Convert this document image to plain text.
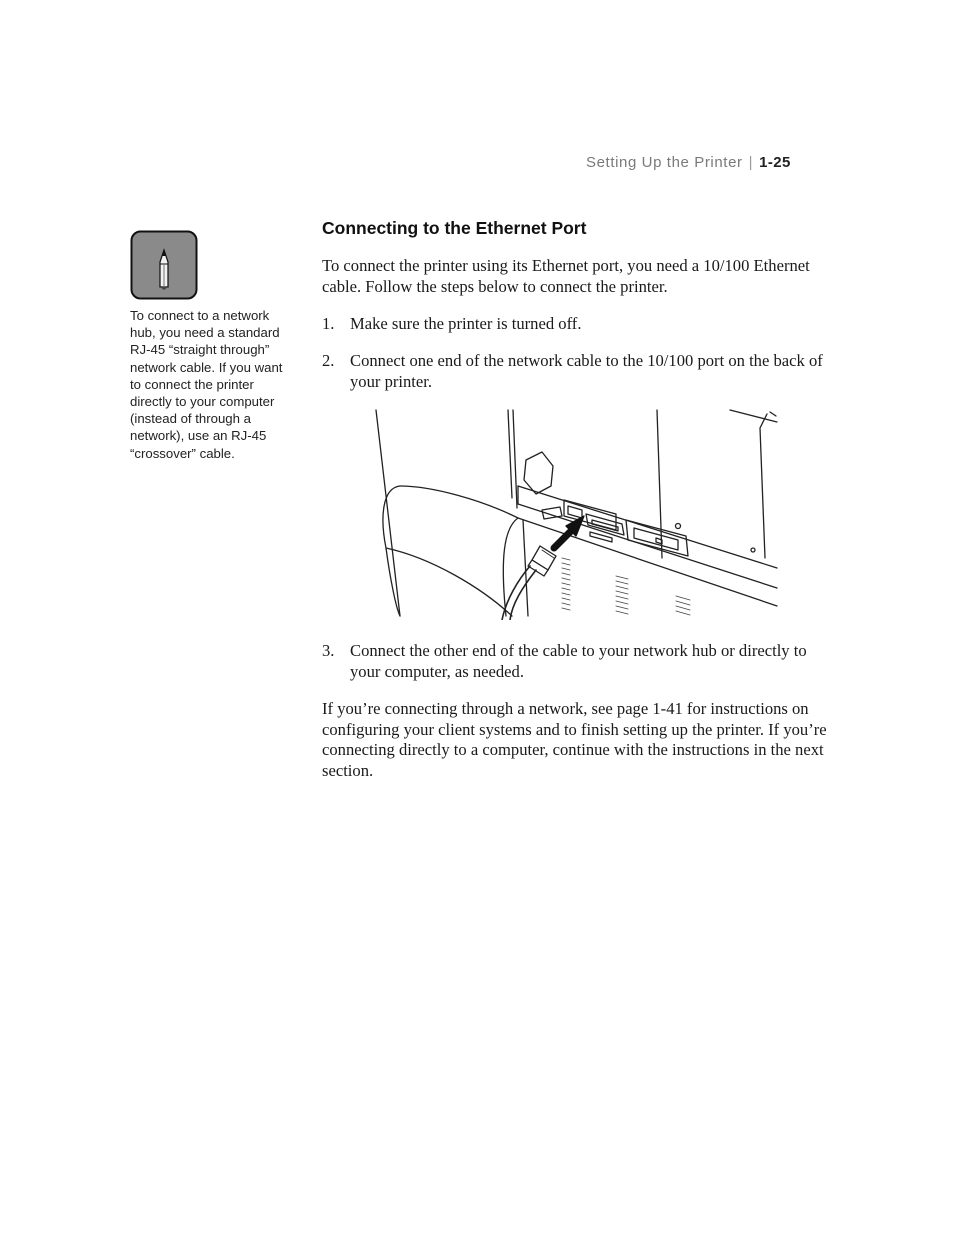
Setting Up the Printer | 1-25
To connect to a network hub, you need a standard RJ-45 “straight through” network cable. If you want to connect the printer directly to your computer (instead of through a network), use an RJ-45 “crossover” cable.
Connecting to the Ethernet Port
To connect the printer using its Ethernet port, you need a 10/100 Ethernet cable. Follow the steps below to connect the printer.
1. Make sure the printer is turned off.
2. Connect one end of the network cable to the 10/100 port on the back of your printer.
3. Connect the other end of the cable to your network hub or directly to your computer, as needed.
If you’re connecting through a network, see page 1-41 for instructions on configuring your client systems and to finish setting up the printer. If you’re connecting directly to a computer, continue with the instructions in the next section.
